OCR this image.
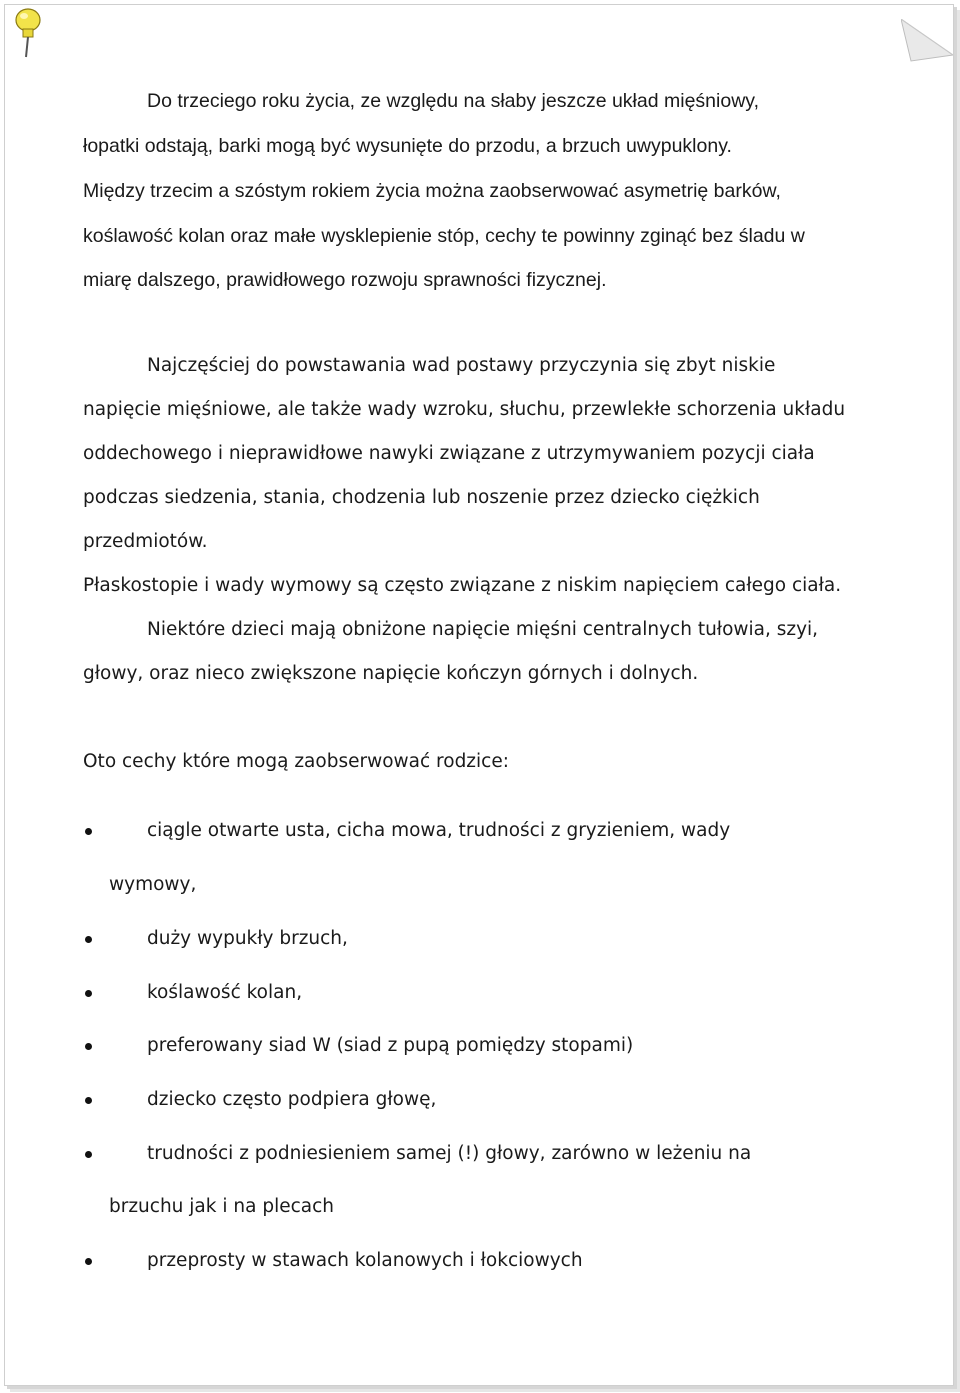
Do trzeciego roku życia, ze względu na słaby jeszcze układ mięśniowy,
łopatki odstają, barki mogą być wysunięte do przodu, a brzuch uwypuklony.
Między trzecim a szóstym rokiem życia można zaobserwować asymetrię barków,
koślawość kolan oraz małe wysklepienie stóp, cechy te powinny zginąć bez śladu w
miarę dalszego, prawidłowego rozwoju sprawności fizycznej.
Najczęściej do powstawania wad postawy przyczynia się zbyt niskie
napięcie mięśniowe, ale także wady wzroku, słuchu, przewlekłe schorzenia układu
oddechowego i nieprawidłowe nawyki związane z utrzymywaniem pozycji ciała
podczas siedzenia, stania, chodzenia lub noszenie przez dziecko ciężkich
przedmiotów.
Płaskostopie i wady wymowy są często związane z niskim napięciem całego ciała.
Niektóre dzieci mają obniżone napięcie mięśni centralnych tułowia, szyi,
głowy, oraz nieco zwiększone napięcie kończyn górnych i dolnych.
Oto cechy które mogą zaobserwować rodzice:
ciągle otwarte usta, cicha mowa, trudności z gryzieniem, wady
wymowy,
duży wypukły brzuch,
koślawość kolan,
preferowany siad W (siad z pupą pomiędzy stopami)
dziecko często podpiera głowę,
trudności z podniesieniem samej (!) głowy, zarówno w leżeniu na
brzuchu jak i na plecach
przeprosty w stawach kolanowych i łokciowych
